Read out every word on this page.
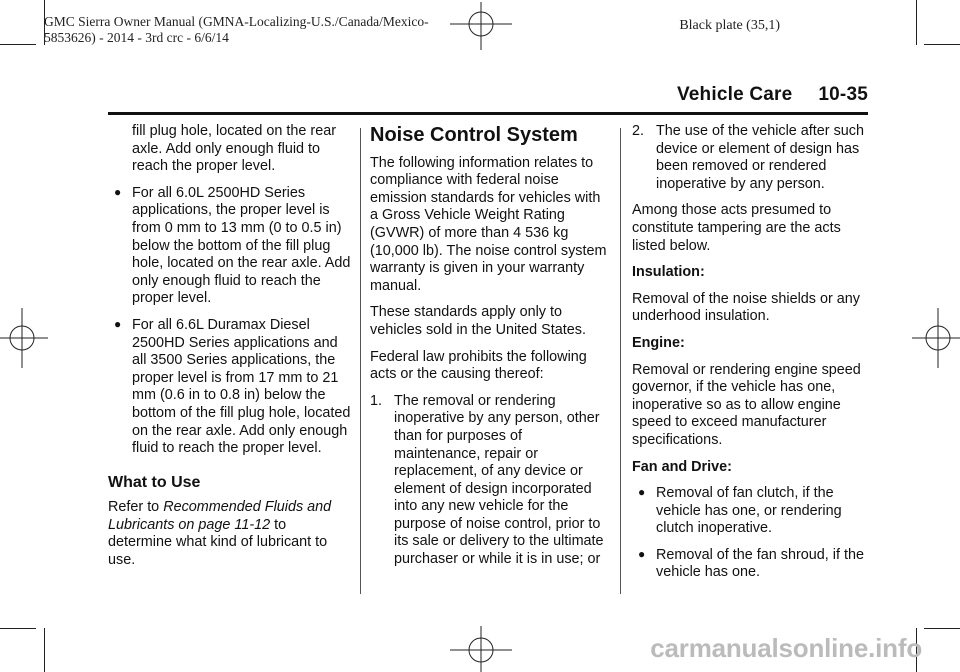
GMC Sierra Owner Manual (GMNA-Localizing-U.S./Canada/Mexico-
5853626) - 2014 - 3rd crc - 6/6/14
Black plate (35,1)
Vehicle Care 10-35

fill plug hole, located on the rear axle. Add only enough fluid to reach the proper level.

● For all 6.0L 2500HD Series applications, the proper level is from 0 mm to 13 mm (0 to 0.5 in) below the bottom of the fill plug hole, located on the rear axle. Add only enough fluid to reach the proper level.
● For all 6.6L Duramax Diesel 2500HD Series applications and all 3500 Series applications, the proper level is from 17 mm to 21 mm (0.6 in to 0.8 in) below the bottom of the fill plug hole, located on the rear axle. Add only enough fluid to reach the proper level.
What to Use

Refer to Recommended Fluids and Lubricants on page 11-12 to determine what kind of lubricant to use.

Noise Control System

The following information relates to compliance with federal noise emission standards for vehicles with a Gross Vehicle Weight Rating (GVWR) of more than 4 536 kg (10,000 lb). The noise control system warranty is given in your warranty manual.

These standards apply only to vehicles sold in the United States.

Federal law prohibits the following acts or the causing thereof:

1. The removal or rendering inoperative by any person, other than for purposes of maintenance, repair or replacement, of any device or element of design incorporated into any new vehicle for the purpose of noise control, prior to its sale or delivery to the ultimate purchaser or while it is in use; or
2. The use of the vehicle after such device or element of design has been removed or rendered inoperative by any person.

Among those acts presumed to constitute tampering are the acts listed below.

Insulation:

Removal of the noise shields or any underhood insulation.

Engine:

Removal or rendering engine speed governor, if the vehicle has one, inoperative so as to allow engine speed to exceed manufacturer specifications.

Fan and Drive:

● Removal of fan clutch, if the vehicle has one, or rendering clutch inoperative.
● Removal of the fan shroud, if the vehicle has one.
carmanualsonline.info
